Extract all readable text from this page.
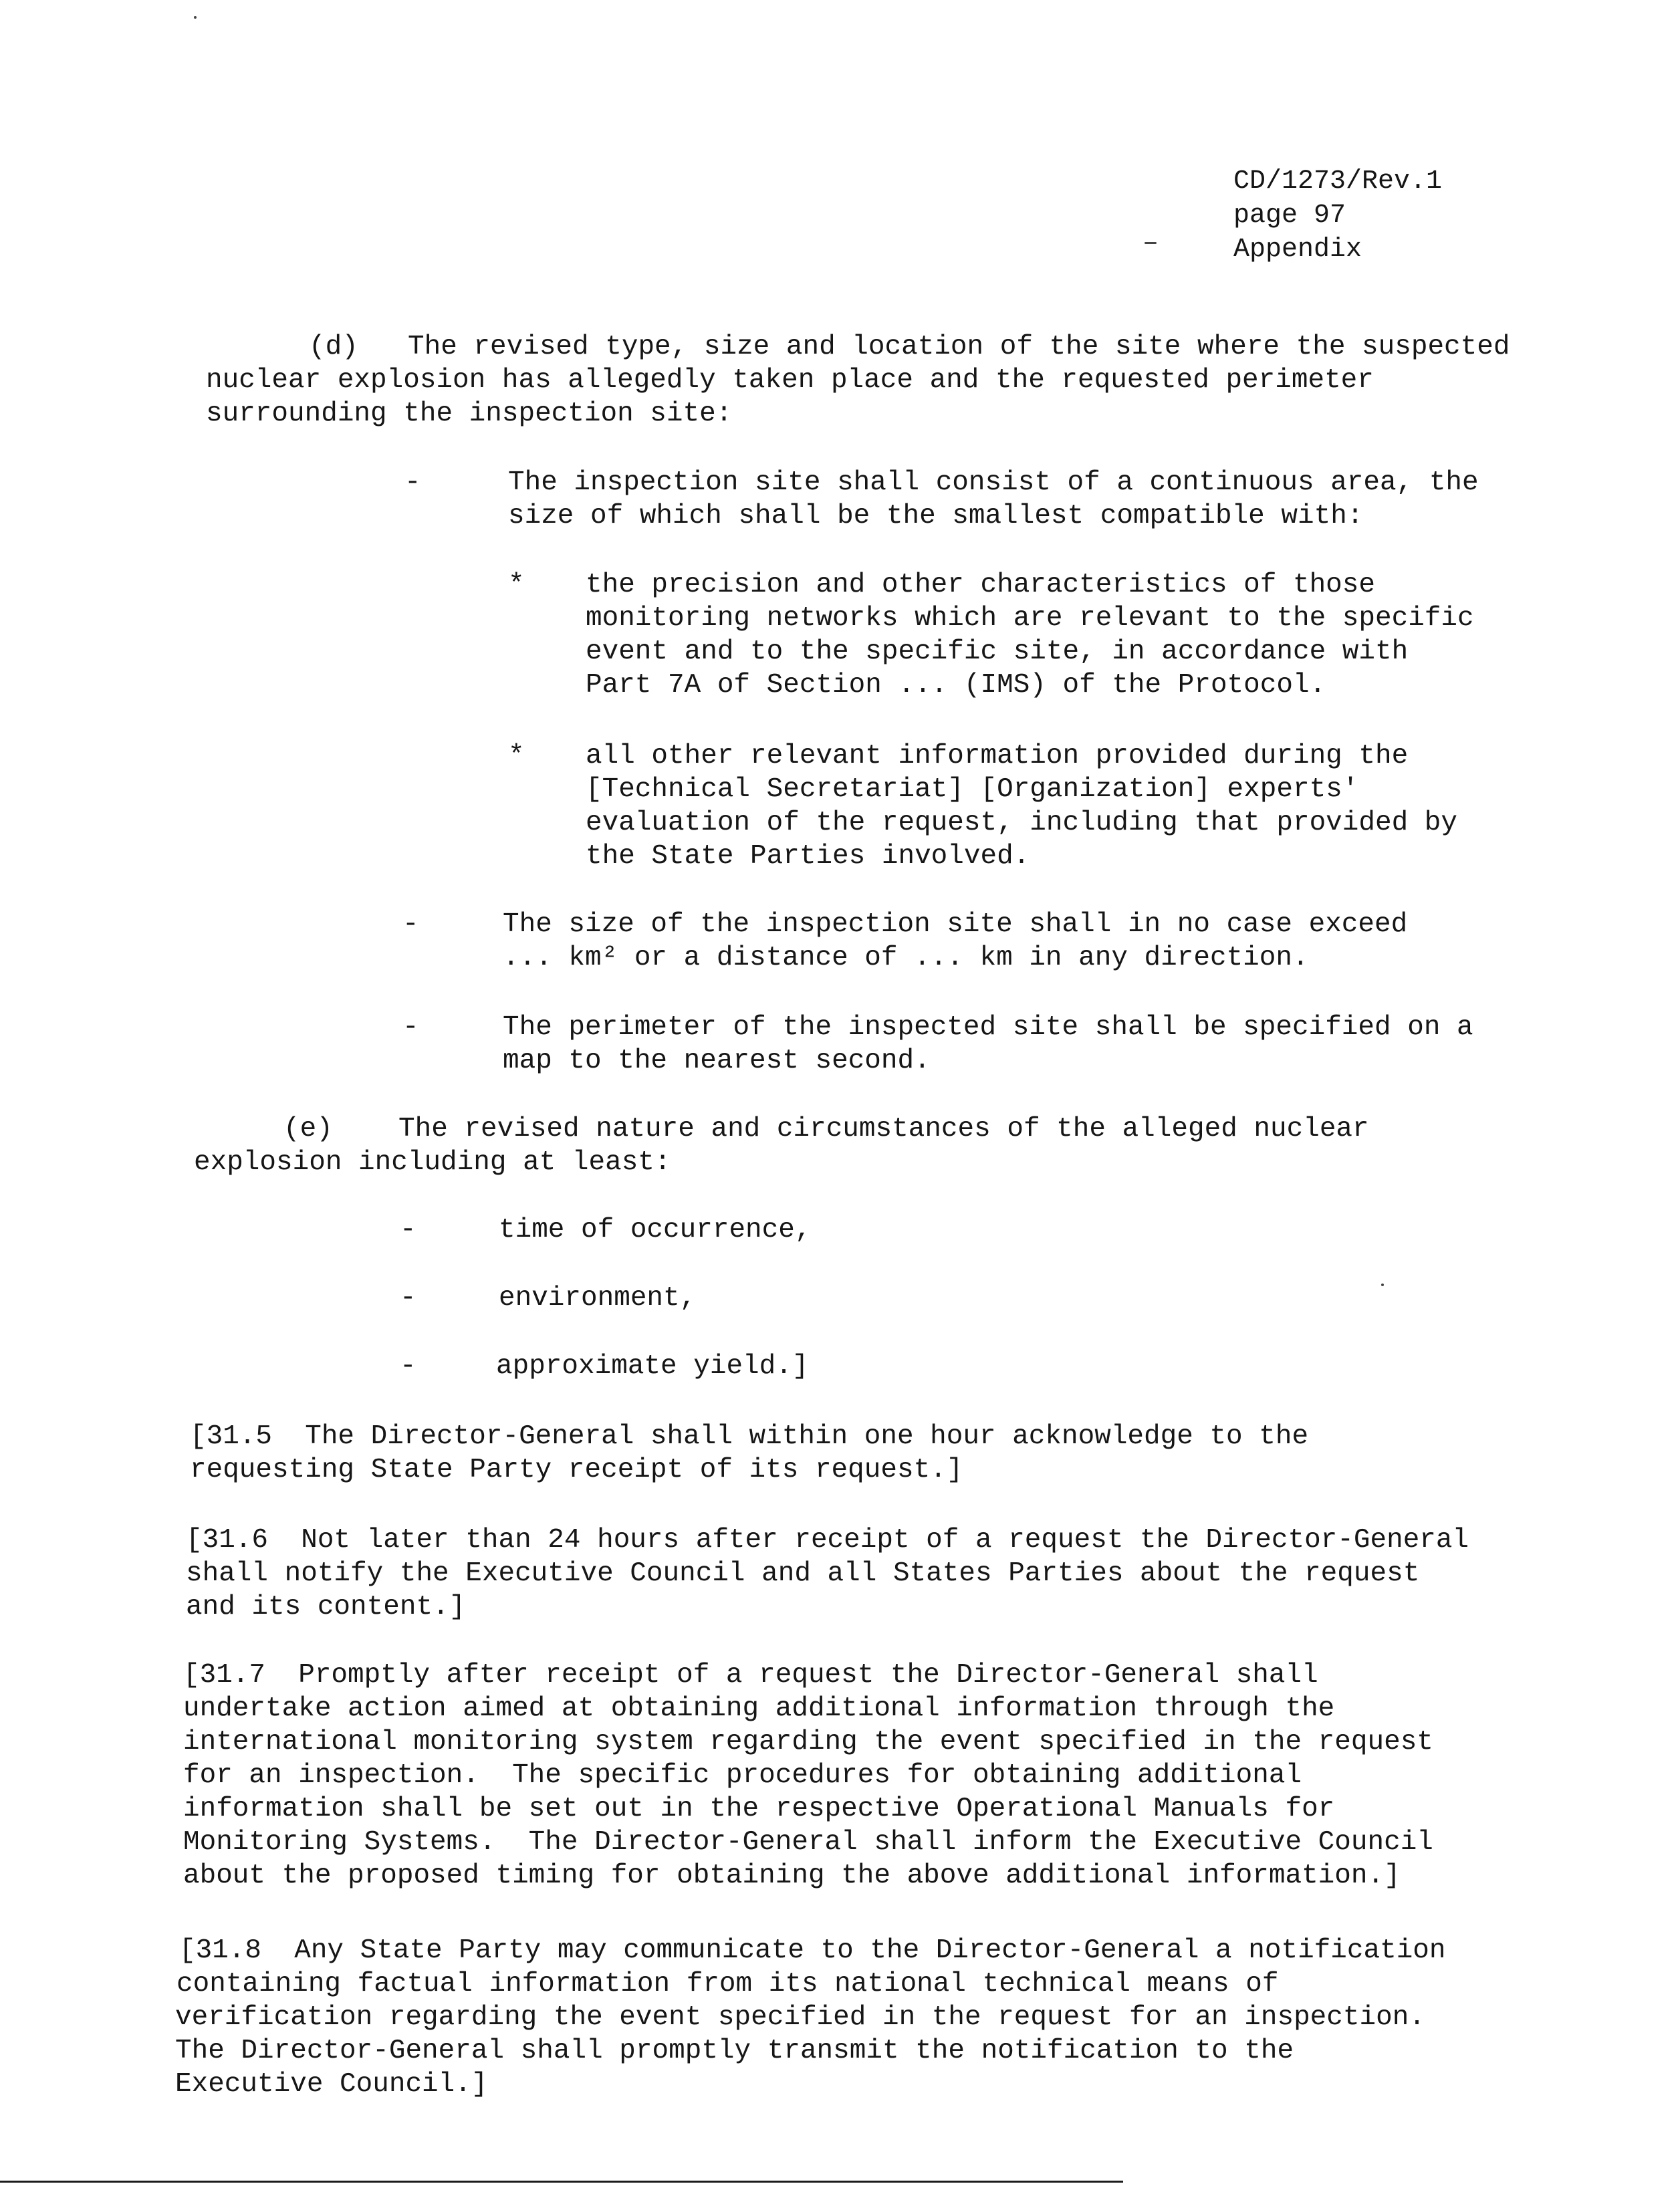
CD/1273/Rev.1
page 97
Appendix
(d) The revised type, size and location of the site where the suspected
nuclear explosion has allegedly taken place and the requested perimeter
surrounding the inspection site:
-	The inspection site shall consist of a continuous area, the
size of which shall be the smallest compatible with:
* the precision and other characteristics of those
monitoring networks which are relevant to the specific
event and to the specific site, in accordance with
Part 7A of Section ... (IMS) of the Protocol.
* all other relevant information provided during the
[Technical Secretariat] [Organization] experts'
evaluation of the request, including that provided by
the State Parties involved.
-	The size of the inspection site shall in no case exceed
... km² or a distance of ... km in any direction.
-	The perimeter of the inspected site shall be specified on a
map to the nearest second.
(e) The revised nature and circumstances of the alleged nuclear
explosion including at least:
-	time of occurrence,
-	environment,
-	approximate yield.]
[31.5  The Director-General shall within one hour acknowledge to the
requesting State Party receipt of its request.]
[31.6  Not later than 24 hours after receipt of a request the Director-General
shall notify the Executive Council and all States Parties about the request
and its content.]
[31.7  Promptly after receipt of a request the Director-General shall
undertake action aimed at obtaining additional information through the
international monitoring system regarding the event specified in the request
for an inspection.  The specific procedures for obtaining additional
information shall be set out in the respective Operational Manuals for
Monitoring Systems.  The Director-General shall inform the Executive Council
about the proposed timing for obtaining the above additional information.]
[31.8  Any State Party may communicate to the Director-General a notification
containing factual information from its national technical means of
verification regarding the event specified in the request for an inspection.
The Director-General shall promptly transmit the notification to the
Executive Council.]
